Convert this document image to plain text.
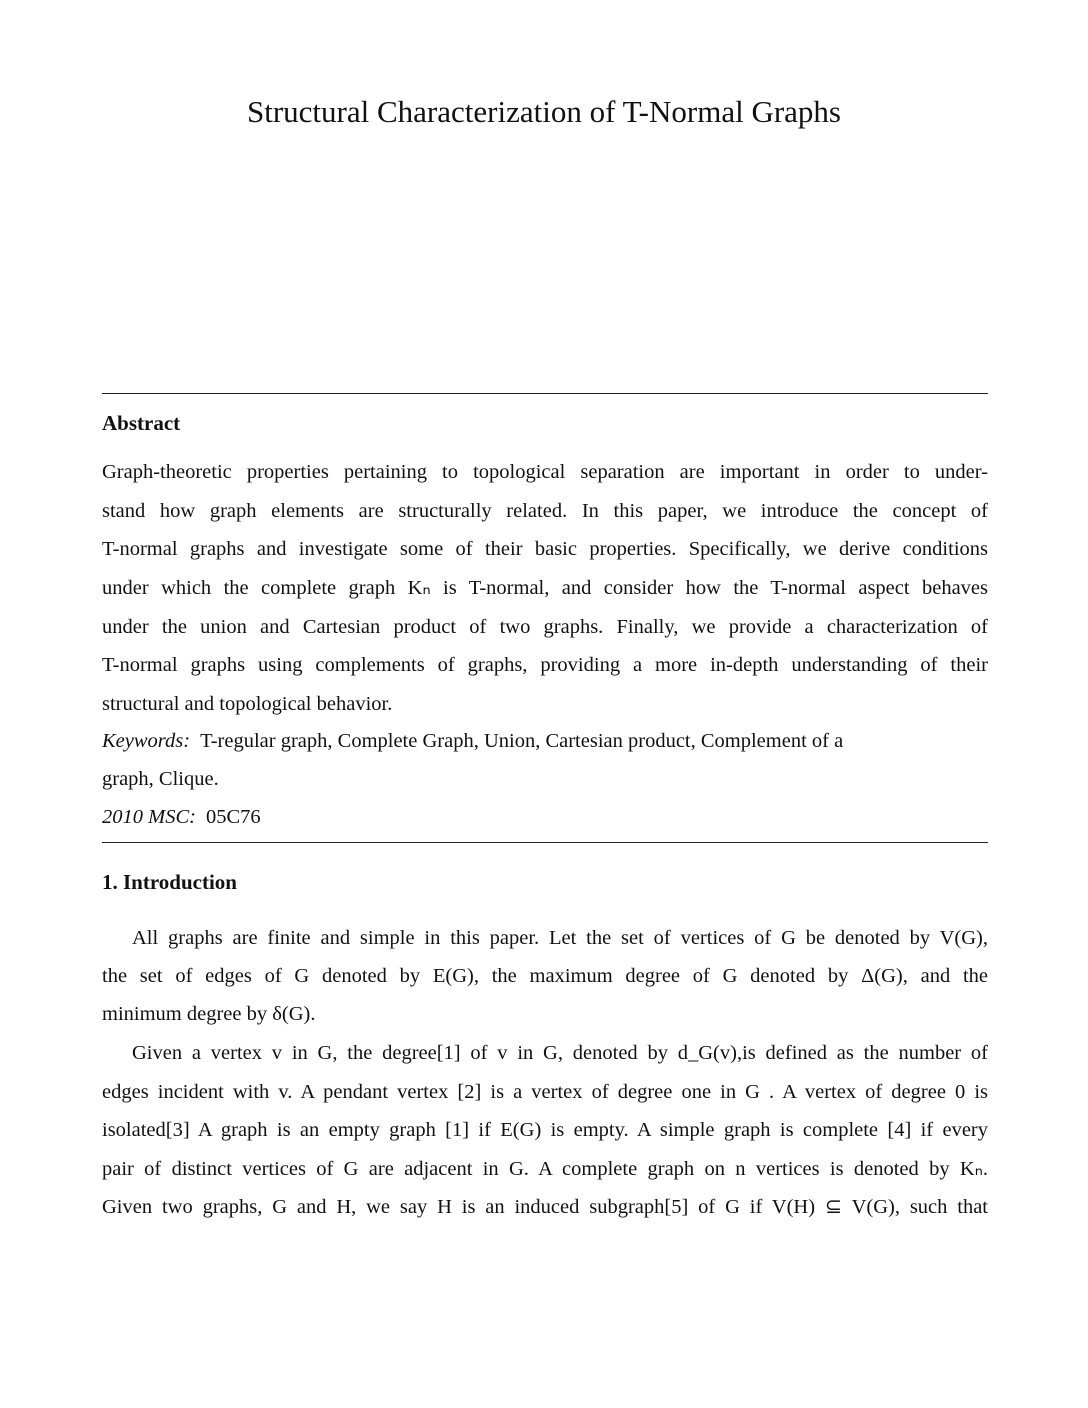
Structural Characterization of T-Normal Graphs
Abstract
Graph-theoretic properties pertaining to topological separation are important in order to under-
stand how graph elements are structurally related. In this paper, we introduce the concept of
T-normal graphs and investigate some of their basic properties. Specifically, we derive conditions
under which the complete graph Kₙ is T-normal, and consider how the T-normal aspect behaves
under the union and Cartesian product of two graphs. Finally, we provide a characterization of
T-normal graphs using complements of graphs, providing a more in-depth understanding of their
structural and topological behavior.
Keywords: T-regular graph, Complete Graph, Union, Cartesian product, Complement of a
graph, Clique.
2010 MSC: 05C76
1. Introduction
All graphs are finite and simple in this paper. Let the set of vertices of G be denoted by V(G),
the set of edges of G denoted by E(G), the maximum degree of G denoted by Δ(G), and the
minimum degree by δ(G).
Given a vertex v in G, the degree[1] of v in G, denoted by d_G(v),is defined as the number of
edges incident with v. A pendant vertex [2] is a vertex of degree one in G . A vertex of degree 0 is
isolated[3] A graph is an empty graph [1] if E(G) is empty. A simple graph is complete [4] if every
pair of distinct vertices of G are adjacent in G. A complete graph on n vertices is denoted by Kₙ.
Given two graphs, G and H, we say H is an induced subgraph[5] of G if V(H) ⊆ V(G), such that
